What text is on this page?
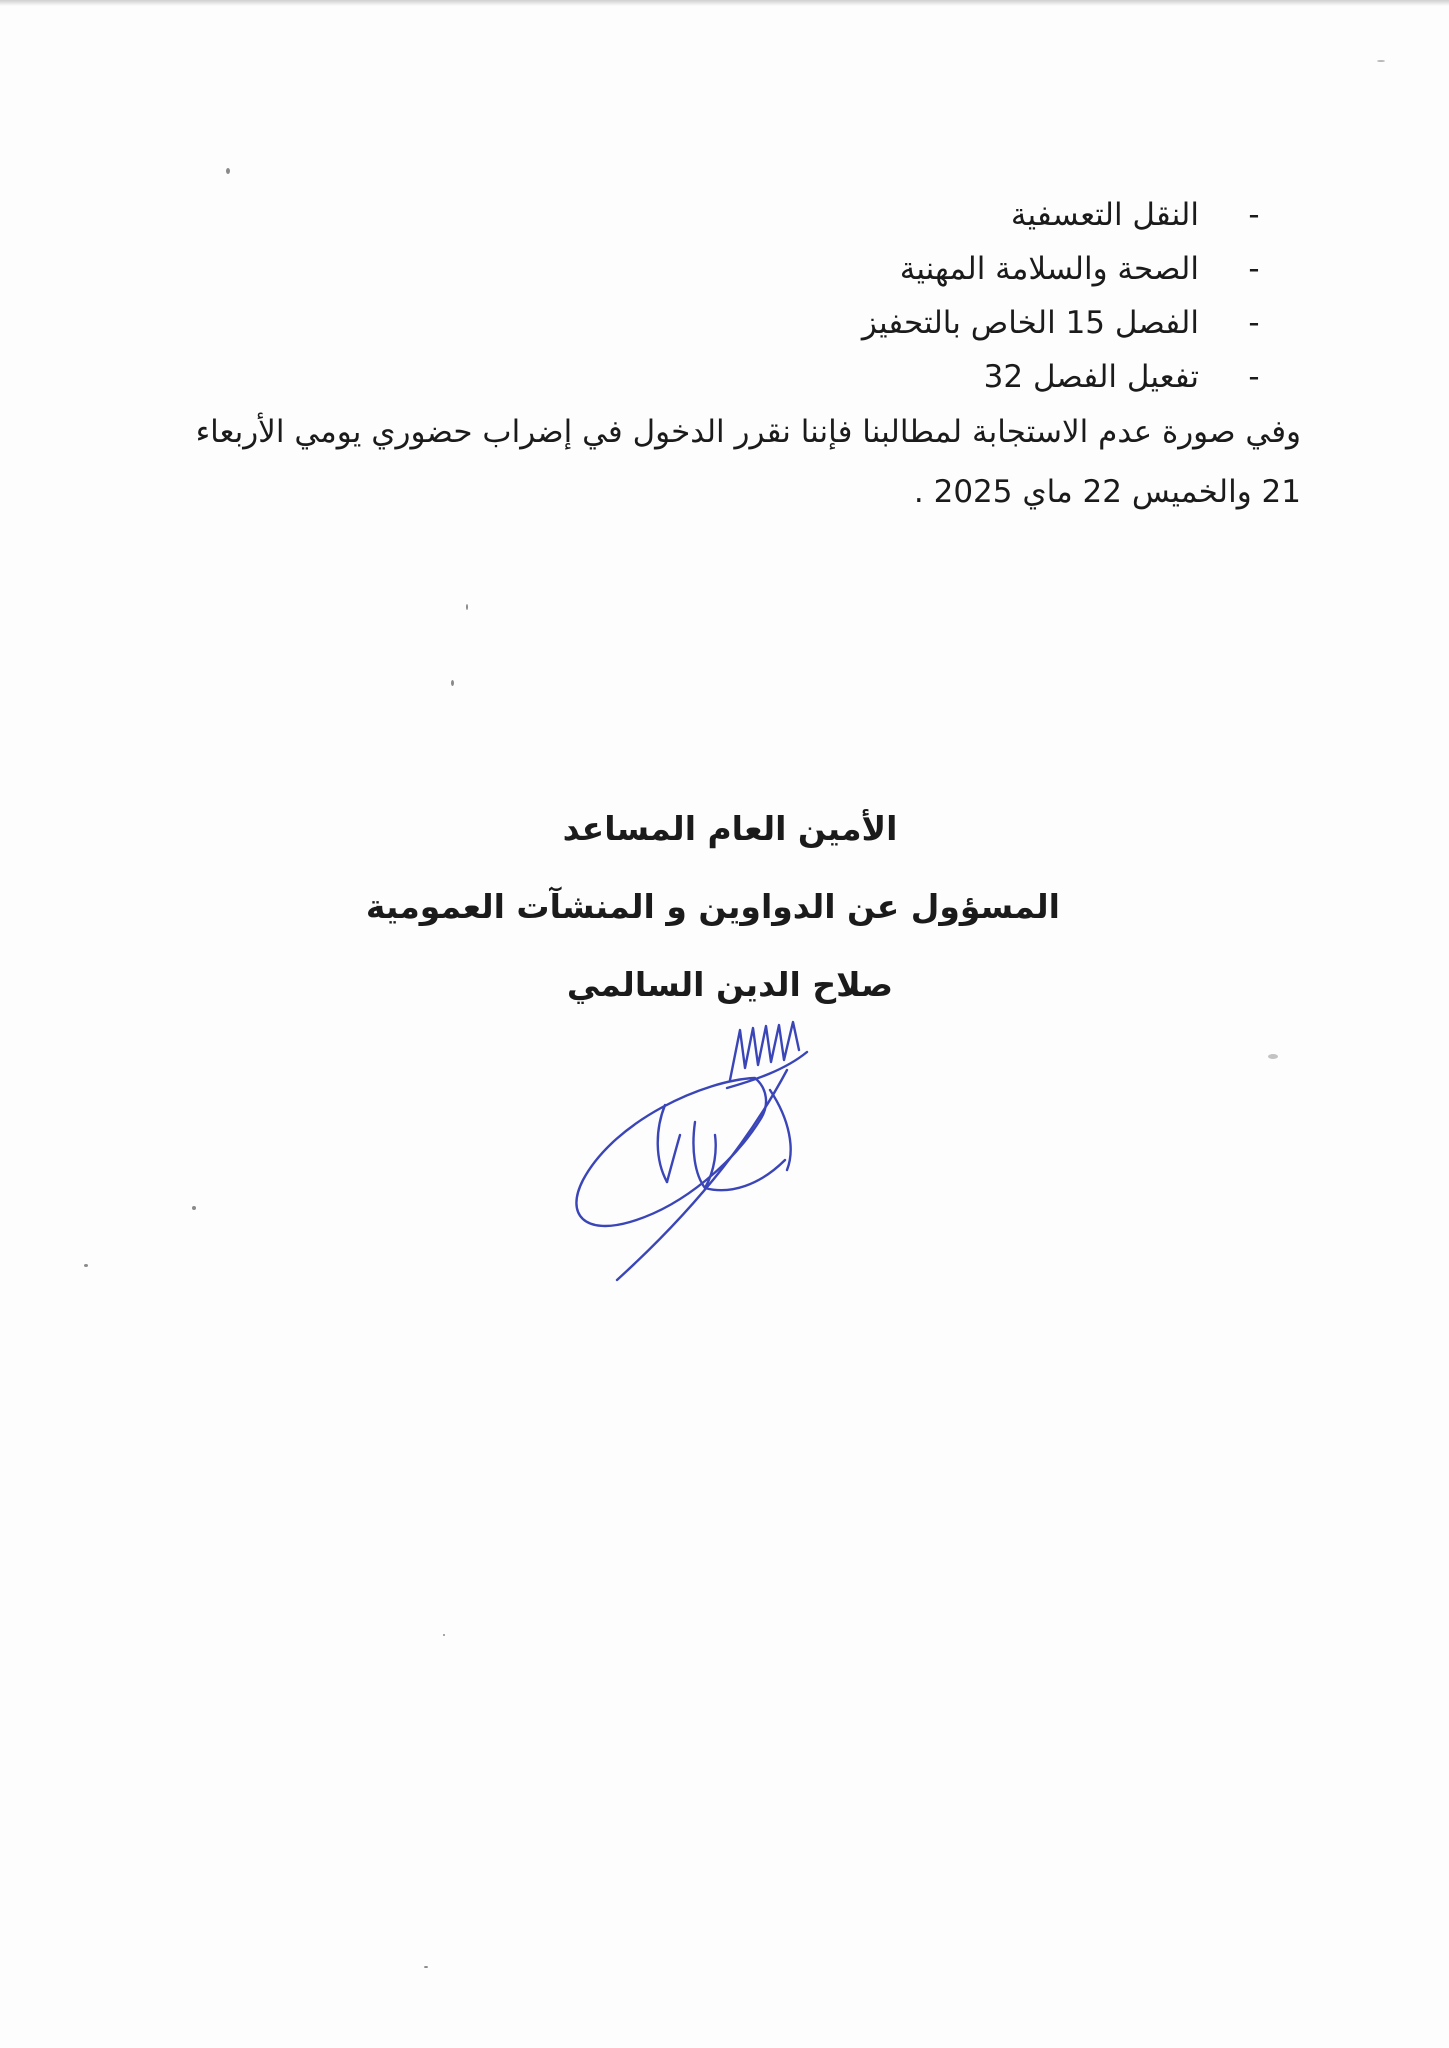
-
النقل التعسفية
-
الصحة والسلامة المهنية
-
الفصل 15 الخاص بالتحفيز
-
تفعيل الفصل 32

وفي صورة عدم الاستجابة لمطالبنا فإننا نقرر الدخول في إضراب حضوري يومي الأربعاء

21 والخميس 22 ماي 2025 .

الأمين العام المساعد
المسؤول عن الدواوين و المنشآت العمومية
صلاح الدين السالمي
